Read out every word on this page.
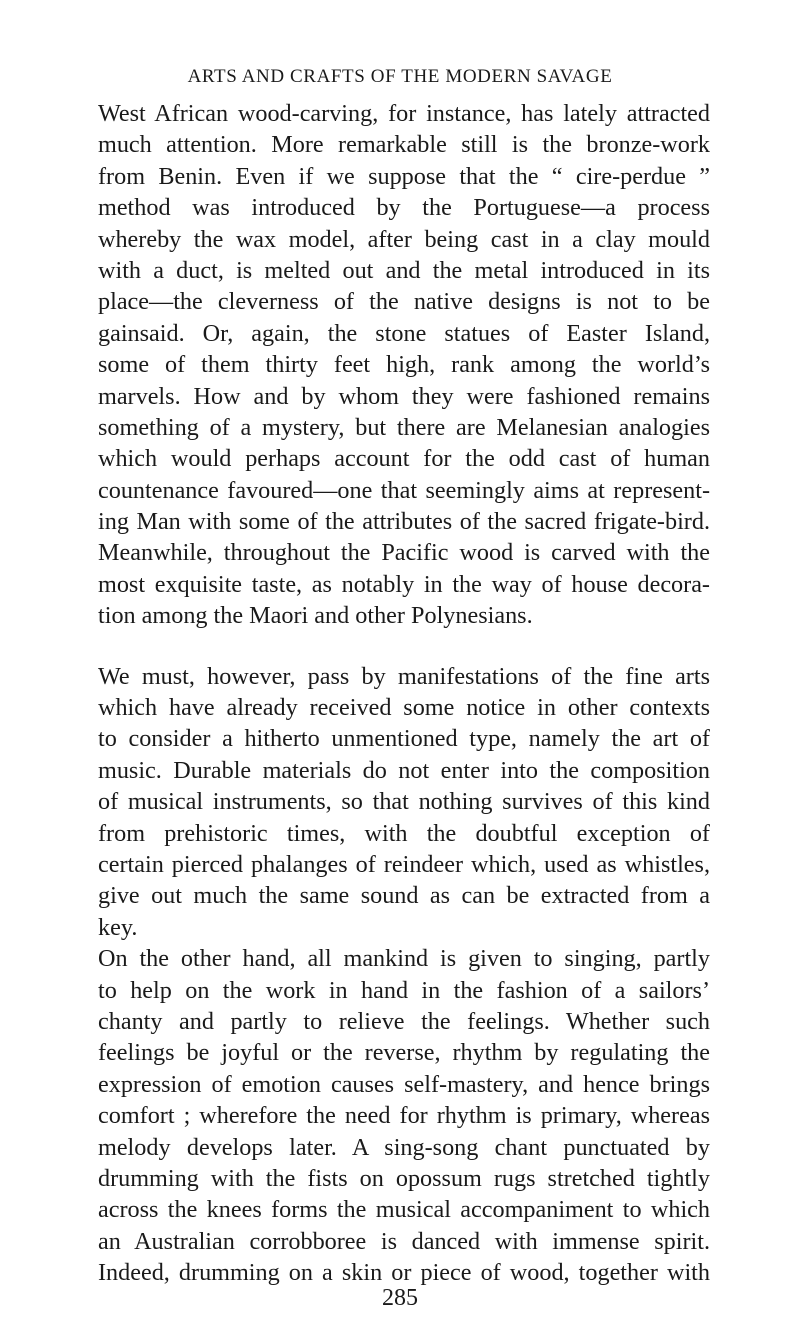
ARTS AND CRAFTS OF THE MODERN SAVAGE
West African wood-carving, for instance, has lately attracted
much attention. More remarkable still is the bronze-work
from Benin. Even if we suppose that the “ cire-perdue ”
method was introduced by the Portuguese—a process
whereby the wax model, after being cast in a clay mould
with a duct, is melted out and the metal introduced in its
place—the cleverness of the native designs is not to be
gainsaid. Or, again, the stone statues of Easter Island,
some of them thirty feet high, rank among the world’s
marvels. How and by whom they were fashioned remains
something of a mystery, but there are Melanesian analogies
which would perhaps account for the odd cast of human
countenance favoured—one that seemingly aims at represent-
ing Man with some of the attributes of the sacred frigate-bird.
Meanwhile, throughout the Pacific wood is carved with the
most exquisite taste, as notably in the way of house decora-
tion among the Maori and other Polynesians.
We must, however, pass by manifestations of the fine arts
which have already received some notice in other contexts
to consider a hitherto unmentioned type, namely the art of
music. Durable materials do not enter into the composition
of musical instruments, so that nothing survives of this kind
from prehistoric times, with the doubtful exception of
certain pierced phalanges of reindeer which, used as whistles,
give out much the same sound as can be extracted from a
key.
On the other hand, all mankind is given to singing, partly
to help on the work in hand in the fashion of a sailors’
chanty and partly to relieve the feelings. Whether such
feelings be joyful or the reverse, rhythm by regulating the
expression of emotion causes self-mastery, and hence brings
comfort ; wherefore the need for rhythm is primary, whereas
melody develops later. A sing-song chant punctuated by
drumming with the fists on opossum rugs stretched tightly
across the knees forms the musical accompaniment to which
an Australian corrobboree is danced with immense spirit.
Indeed, drumming on a skin or piece of wood, together with
285
